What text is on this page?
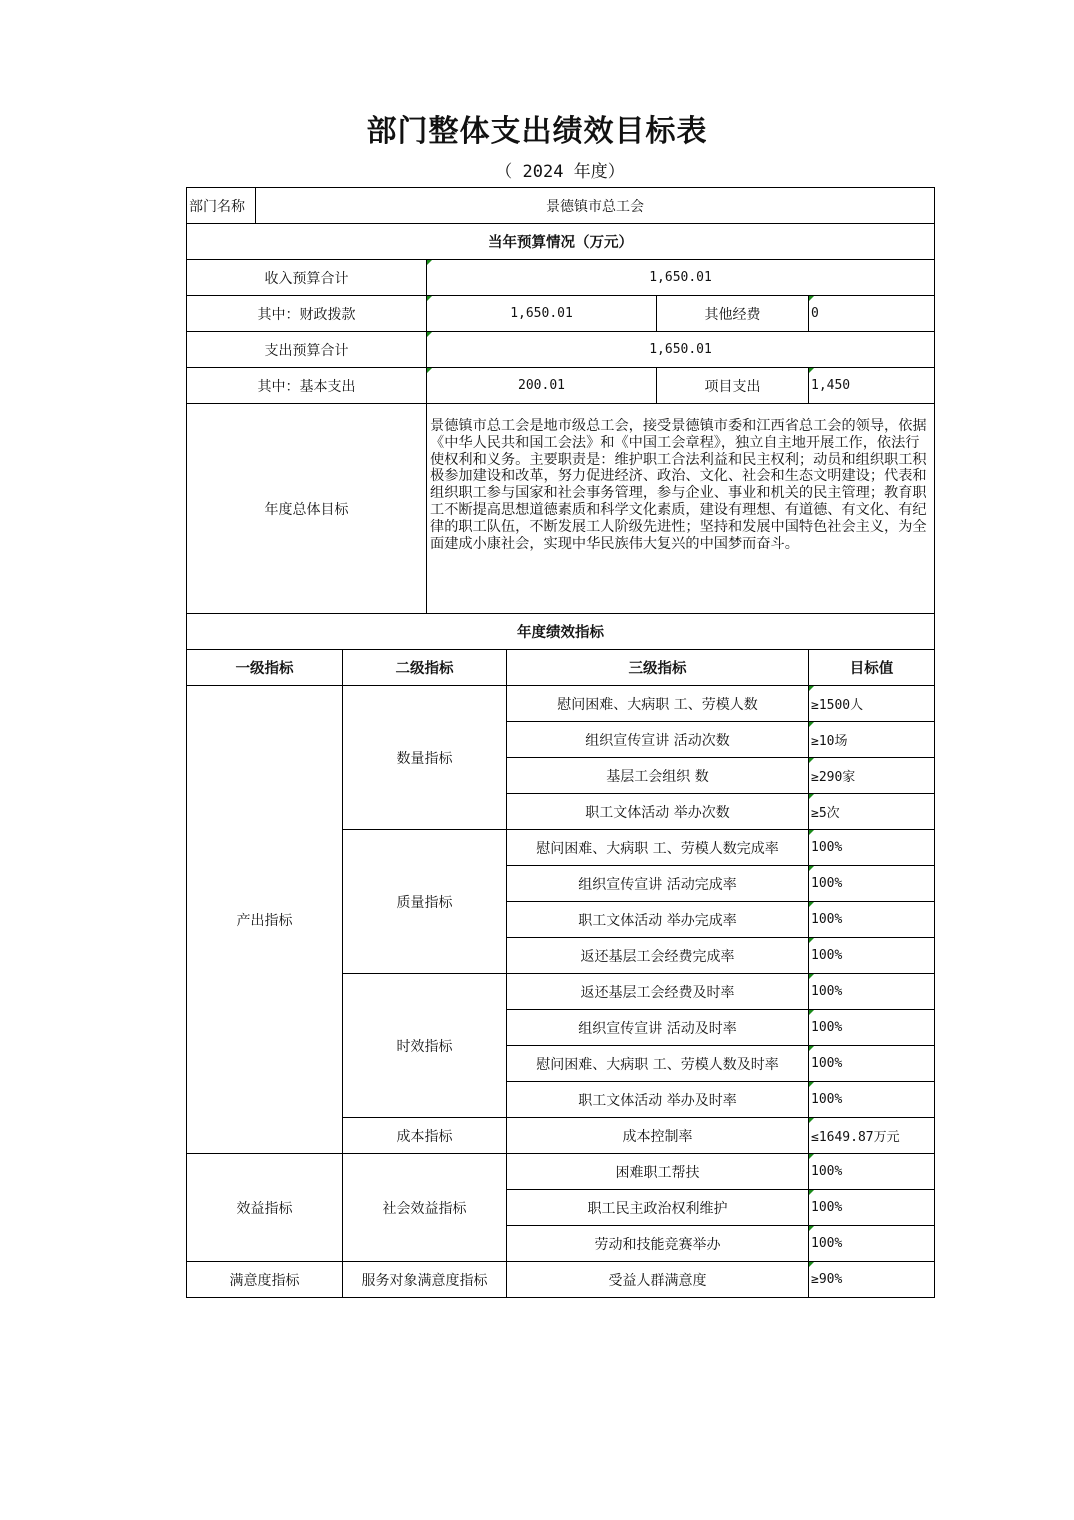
部门整体支出绩效目标表
（ 2024 年度）
部门名称	景德镇市总工会					
当年预算情况（万元）						
收入预算合计			1,650.01			
其中：财政拨款			1,650.01		其他经费	0
支出预算合计			1,650.01			
其中：基本支出			200.01		项目支出	1,450
年度总体目标			景德镇市总工会是地市级总工会，接受景德镇市委和江西省总工会的领导，依据《中华人民共和国工会法》和《中国工会章程》，独立自主地开展工作，依法行使权利和义务。主要职责是：维护职工合法利益和民主权利；动员和组织职工积极参加建设和改革，努力促进经济、政治、文化、社会和生态文明建设；代表和组织职工参与国家和社会事务管理，参与企业、事业和机关的民主管理；教育职工不断提高思想道德素质和科学文化素质，建设有理想、有道德、有文化、有纪律的职工队伍，不断发展工人阶级先进性；坚持和发展中国特色社会主义，为全面建成小康社会，实现中华民族伟大复兴的中国梦而奋斗。			
年度绩效指标						
一级指标		二级指标		三级指标		目标值
产出指标		数量指标		慰问困难、大病职 工、劳模人数		≥1500人
				组织宣传宣讲 活动次数		≥10场
				基层工会组织 数		≥290家
				职工文体活动 举办次数		≥5次
		质量指标		慰问困难、大病职 工、劳模人数完成率		100%
				组织宣传宣讲 活动完成率		100%
				职工文体活动 举办完成率		100%
				返还基层工会经费完成率		100%
		时效指标		返还基层工会经费及时率		100%
				组织宣传宣讲 活动及时率		100%
				慰问困难、大病职 工、劳模人数及时率		100%
				职工文体活动 举办及时率		100%
		成本指标		成本控制率		≤1649.87万元
效益指标		社会效益指标		困难职工帮扶		100%
				职工民主政治权利维护		100%
				劳动和技能竞赛举办		100%
满意度指标		服务对象满意度指标		受益人群满意度		≥90%
